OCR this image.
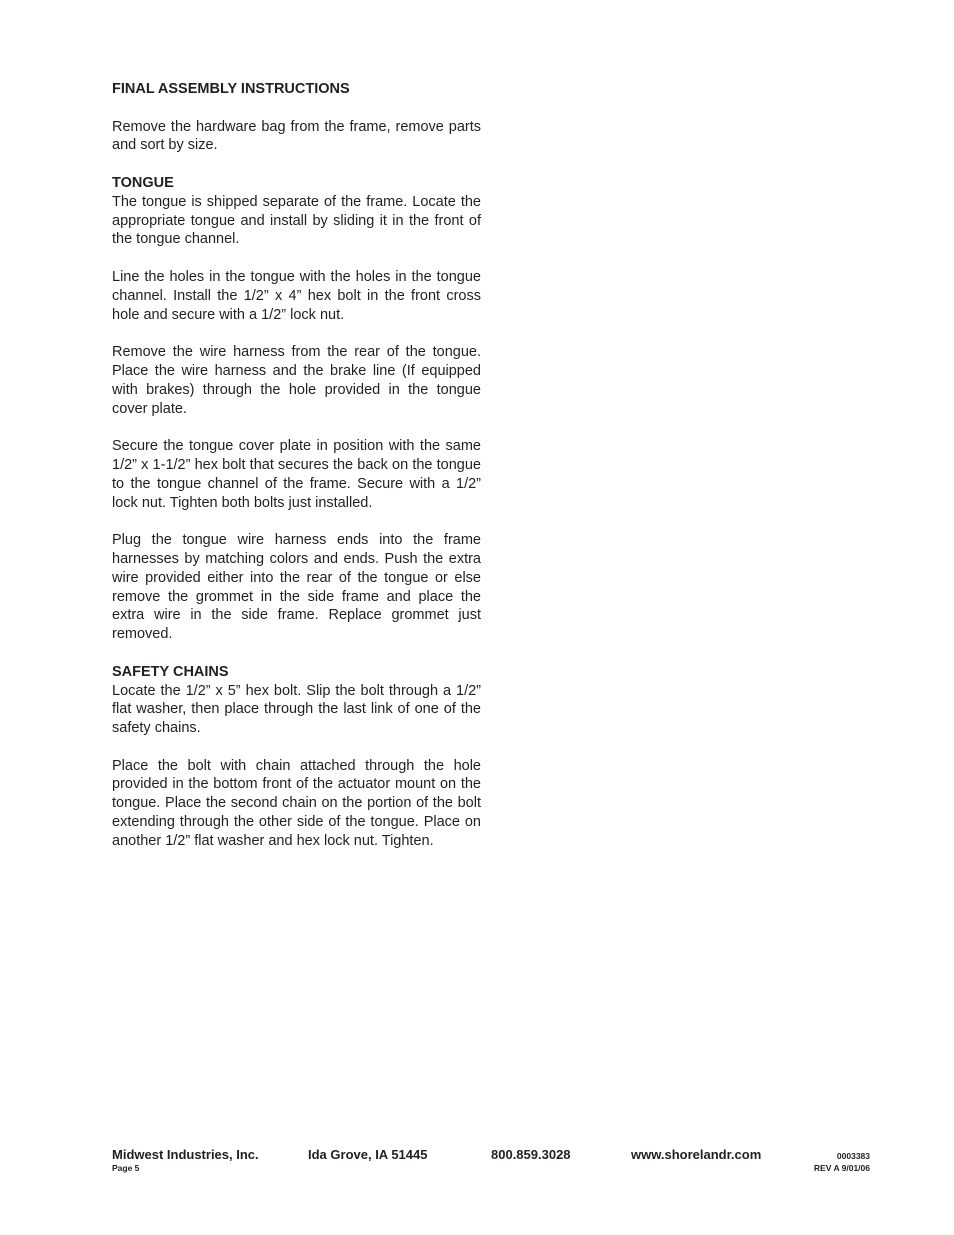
FINAL ASSEMBLY INSTRUCTIONS

Remove the hardware bag from the frame, remove parts and sort by size.

TONGUE

The tongue is shipped separate of the frame. Locate the appropriate tongue and install by sliding it in the front of the tongue channel.

Line the holes in the tongue with the holes in the tongue channel. Install the 1/2” x 4” hex bolt in the front cross hole and secure with a 1/2” lock nut.

Remove the wire harness from the rear of the tongue. Place the wire harness and the brake line (If equipped with brakes) through the hole provided in the tongue cover plate.

Secure the tongue cover plate in position with the same 1/2” x 1-1/2” hex bolt that secures the back on the tongue to the tongue channel of the frame. Secure with a 1/2” lock nut. Tighten both bolts just installed.

Plug the tongue wire harness ends into the frame harnesses by matching colors and ends. Push the extra wire provided either into the rear of the tongue or else remove the grommet in the side frame and place the extra wire in the side frame. Replace grommet just removed.

SAFETY CHAINS

Locate the 1/2” x 5” hex bolt. Slip the bolt through a 1/2” flat washer, then place through the last link of one of the safety chains.

Place the bolt with chain attached through the hole provided in the bottom front of the actuator mount on the tongue. Place the second chain on the portion of the bolt extending through the other side of the tongue. Place on another 1/2” flat washer and hex lock nut. Tighten.

Midwest Industries, Inc.	Ida Grove, IA 51445	800.859.3028	www.shorelandr.com	0003383
Page 5	REV A 9/01/06
